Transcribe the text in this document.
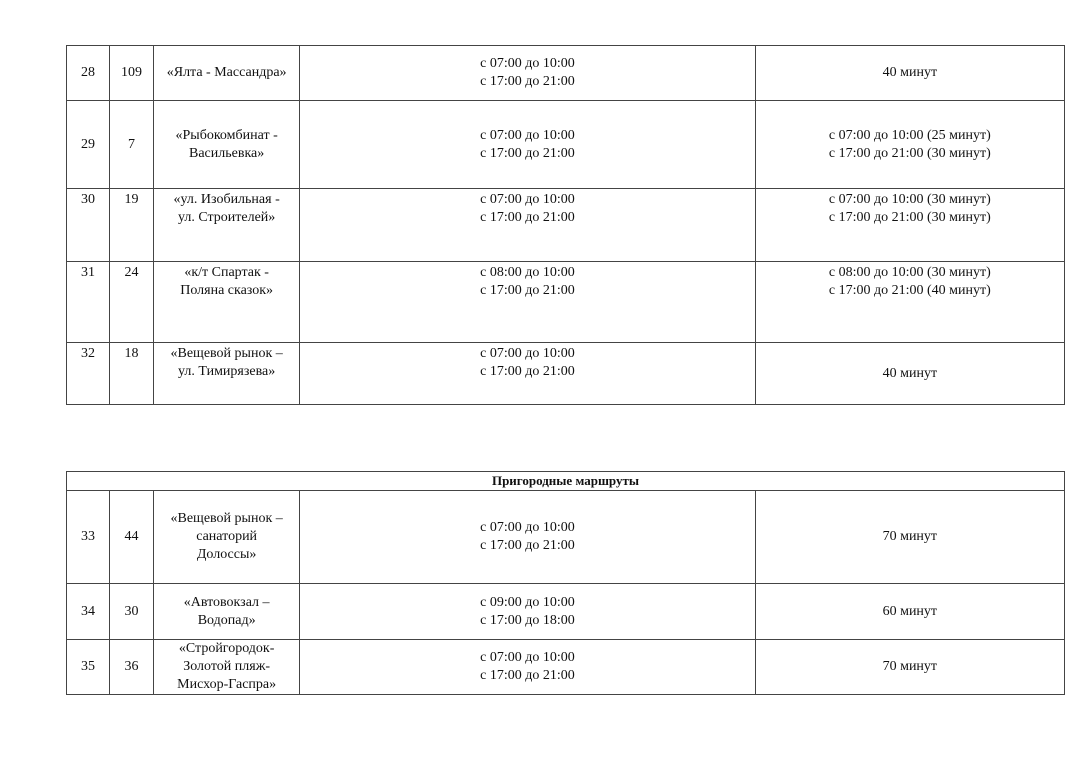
28	109	«Ялта - Массандра»	с 07:00 до 10:00
с 17:00 до 21:00	40 минут

29	7	«Рыбокомбинат -
Васильевка»	с 07:00 до 10:00
с 17:00 до 21:00	с 07:00 до 10:00 (25 минут)
с 17:00 до 21:00 (30 минут)

30	19	«ул. Изобильная -
ул. Строителей»	с 07:00 до 10:00
с 17:00 до 21:00	с 07:00 до 10:00 (30 минут)
с 17:00 до 21:00 (30 минут)

31	24	«к/т Спартак -
Поляна сказок»	с 08:00 до 10:00
с 17:00 до 21:00	с 08:00 до 10:00 (30 минут)
с 17:00 до 21:00 (40 минут)

32	18	«Вещевой рынок –
ул. Тимирязева»	с 07:00 до 10:00
с 17:00 до 21:00	40 минут
Пригородные маршруты				
33	44	«Вещевой рынок –
санаторий
Долоссы»	с 07:00 до 10:00
с 17:00 до 21:00	70 минут

34	30	«Автовокзал –
Водопад»	с 09:00 до 10:00
с 17:00 до 18:00	60 минут

35	36	«Стройгородок-
Золотой пляж-
Мисхор-Гаспра»	с 07:00 до 10:00
с 17:00 до 21:00	70 минут
